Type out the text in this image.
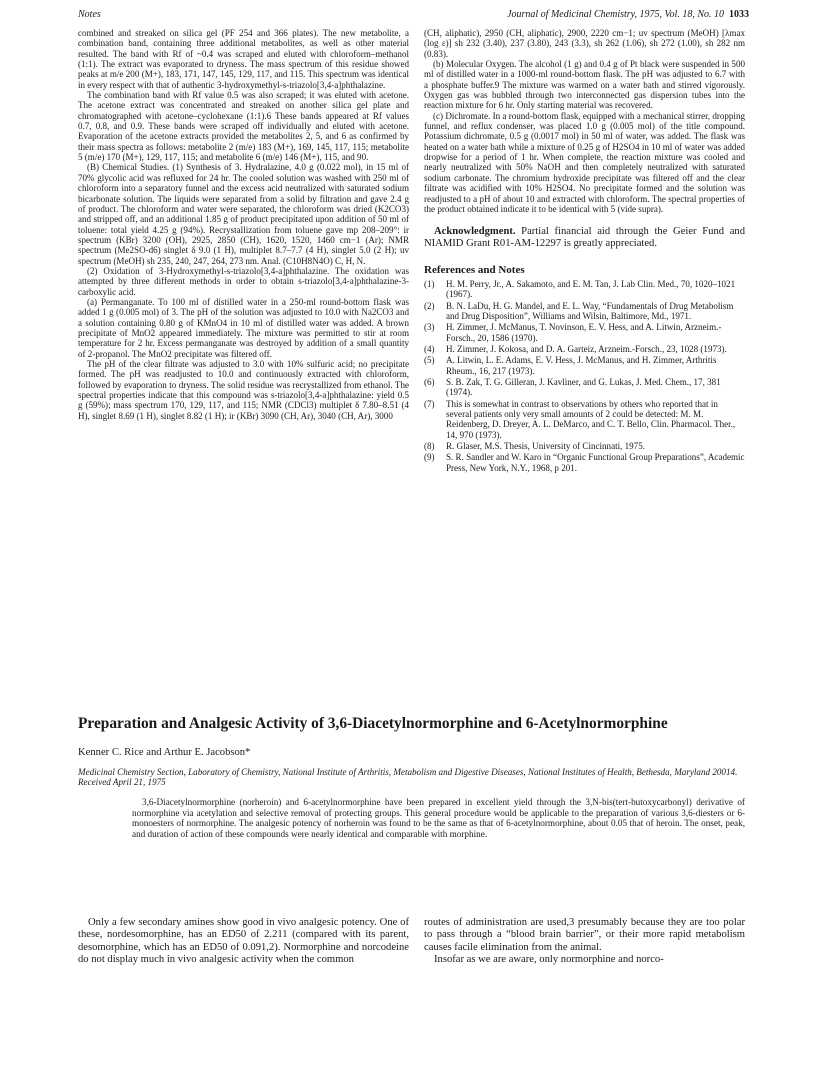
Notes	Journal of Medicinal Chemistry, 1975, Vol. 18, No. 10 1033

combined and streaked on silica gel (PF 254 and 366 plates). The new metabolite, a combination band, containing three additional metabolites, as well as other material resulted. The band with Rf of ~0.4 was scraped and eluted with chloroform–methanol (1:1). The extract was evaporated to dryness. The mass spectrum of this residue showed peaks at m/e 200 (M+), 183, 171, 147, 145, 129, 117, and 115. This spectrum was identical in every respect with that of authentic 3-hydroxymethyl-s-triazolo[3,4-a]phthalazine.

The combination band with Rf value 0.5 was also scraped; it was eluted with acetone. The acetone extract was concentrated and streaked on another silica gel plate and chromatographed with acetone–cyclohexane (1:1).6 These bands appeared at Rf values 0.7, 0.8, and 0.9. These bands were scraped off individually and eluted with acetone. Evaporation of the acetone extracts provided the metabolites 2, 5, and 6 as confirmed by their mass spectra as follows: metabolite 2 (m/e) 183 (M+), 169, 145, 117, 115; metabolite 5 (m/e) 170 (M+), 129, 117, 115; and metabolite 6 (m/e) 146 (M+), 115, and 90.

(B) Chemical Studies. (1) Synthesis of 3. Hydralazine, 4.0 g (0.022 mol), in 15 ml of 70% glycolic acid was refluxed for 24 hr. The cooled solution was washed with 250 ml of chloroform into a separatory funnel and the excess acid neutralized with saturated sodium bicarbonate solution. The liquids were separated from a solid by filtration and gave 2.4 g of product. The chloroform and water were separated, the chloroform was dried (K2CO3) and stripped off, and an additional 1.85 g of product precipitated upon addition of 50 ml of toluene: total yield 4.25 g (94%). Recrystallization from toluene gave mp 208–209°: ir spectrum (KBr) 3200 (OH), 2925, 2850 (CH), 1620, 1520, 1460 cm−1 (Ar); NMR spectrum (Me2SO-d6) singlet δ 9.0 (1 H), multiplet 8.7–7.7 (4 H), singlet 5.0 (2 H); uv spectrum (MeOH) sh 235, 240, 247, 264, 273 nm. Anal. (C10H8N4O) C, H, N.

(2) Oxidation of 3-Hydroxymethyl-s-triazolo[3,4-a]phthalazine. The oxidation was attempted by three different methods in order to obtain s-triazolo[3,4-a]phthalazine-3-carboxylic acid.

(a) Permanganate. To 100 ml of distilled water in a 250-ml round-bottom flask was added 1 g (0.005 mol) of 3. The pH of the solution was adjusted to 10.0 with Na2CO3 and a solution containing 0.80 g of KMnO4 in 10 ml of distilled water was added. A brown precipitate of MnO2 appeared immediately. The mixture was permitted to stir at room temperature for 2 hr. Excess permanganate was destroyed by addition of a small quantity of 2-propanol. The MnO2 precipitate was filtered off.

The pH of the clear filtrate was adjusted to 3.0 with 10% sulfuric acid; no precipitate formed. The pH was readjusted to 10.0 and continuously extracted with chloroform, followed by evaporation to dryness. The solid residue was recrystallized from ethanol. The spectral properties indicate that this compound was s-triazolo[3,4-a]phthalazine: yield 0.5 g (59%); mass spectrum 170, 129, 117, and 115; NMR (CDCl3) multiplet δ 7.80–8.51 (4 H), singlet 8.69 (1 H), singlet 8.82 (1 H); ir (KBr) 3090 (CH, Ar), 3040 (CH, Ar), 3000

(CH, aliphatic), 2950 (CH, aliphatic), 2900, 2220 cm−1; uv spectrum (MeOH) [λmax (log ε)] sh 232 (3.40), 237 (3.80), 243 (3.3), sh 262 (1.06), sh 272 (1.00), sh 282 nm (0.83).

(b) Molecular Oxygen. The alcohol (1 g) and 0.4 g of Pt black were suspended in 500 ml of distilled water in a 1000-ml round-bottom flask. The pH was adjusted to 6.7 with a phosphate buffer.9 The mixture was warmed on a water bath and stirred vigorously. Oxygen gas was bubbled through two interconnected gas dispersion tubes into the reaction mixture for 6 hr. Only starting material was recovered.

(c) Dichromate. In a round-bottom flask, equipped with a mechanical stirrer, dropping funnel, and reflux condenser, was placed 1.0 g (0.005 mol) of the title compound. Potassium dichromate, 0.5 g (0.0017 mol) in 50 ml of water, was added. The flask was heated on a water bath while a mixture of 0.25 g of H2SO4 in 10 ml of water was added dropwise for a period of 1 hr. When complete, the reaction mixture was cooled and nearly neutralized with 50% NaOH and then completely neutralized with saturated sodium carbonate. The chromium hydroxide precipitate was filtered off and the clear filtrate was acidified with 10% H2SO4. No precipitate formed and the solution was readjusted to a pH of about 10 and extracted with chloroform. The spectral properties of the product obtained indicate it to be identical with 5 (vide supra).

Acknowledgment. Partial financial aid through the Geier Fund and NIAMID Grant R01-AM-12297 is greatly appreciated.
References and Notes
(1) H. M. Perry, Jr., A. Sakamoto, and E. M. Tan, J. Lab Clin. Med., 70, 1020–1021 (1967).
(2) B. N. LaDu, H. G. Mandel, and E. L. Way, “Fundamentals of Drug Metabolism and Drug Disposition”, Williams and Wilsin, Baltimore, Md., 1971.
(3) H. Zimmer, J. McManus, T. Novinson, E. V. Hess, and A. Litwin, Arzneim.-Forsch., 20, 1586 (1970).
(4) H. Zimmer, J. Kokosa, and D. A. Garteiz, Arzneim.-Forsch., 23, 1028 (1973).
(5) A. Litwin, L. E. Adams, E. V. Hess, J. McManus, and H. Zimmer, Arthritis Rheum., 16, 217 (1973).
(6) S. B. Zak, T. G. Gilleran, J. Kavliner, and G. Lukas, J. Med. Chem., 17, 381 (1974).
(7) This is somewhat in contrast to observations by others who reported that in several patients only very small amounts of 2 could be detected: M. M. Reidenberg, D. Dreyer, A. L. DeMarco, and C. T. Bello, Clin. Pharmacol. Ther., 14, 970 (1973).
(8) R. Glaser, M.S. Thesis, University of Cincinnati, 1975.
(9) S. R. Sandler and W. Karo in “Organic Functional Group Preparations”, Academic Press, New York, N.Y., 1968, p 201.
Preparation and Analgesic Activity of 3,6-Diacetylnormorphine and 6-Acetylnormorphine
Kenner C. Rice and Arthur E. Jacobson*
Medicinal Chemistry Section, Laboratory of Chemistry, National Institute of Arthritis, Metabolism and Digestive Diseases, National Institutes of Health, Bethesda, Maryland 20014. Received April 21, 1975
3,6-Diacetylnormorphine (norheroin) and 6-acetylnormorphine have been prepared in excellent yield through the 3,N-bis(tert-butoxycarbonyl) derivative of normorphine via acetylation and selective removal of protecting groups. This general procedure would be applicable to the preparation of various 3,6-diesters or 6-monoesters of normorphine. The analgesic potency of norheroin was found to be the same as that of 6-acetylnormorphine, about 0.05 that of heroin. The onset, peak, and duration of action of these compounds were nearly identical and comparable with morphine.

Only a few secondary amines show good in vivo analgesic potency. One of these, nordesomorphine, has an ED50 of 2.211 (compared with its parent, desomorphine, which has an ED50 of 0.091,2). Normorphine and norcodeine do not display much in vivo analgesic activity when the common

routes of administration are used,3 presumably because they are too polar to pass through a “blood brain barrier”, or their more rapid metabolism causes facile elimination from the animal.

Insofar as we are aware, only normorphine and norco-
